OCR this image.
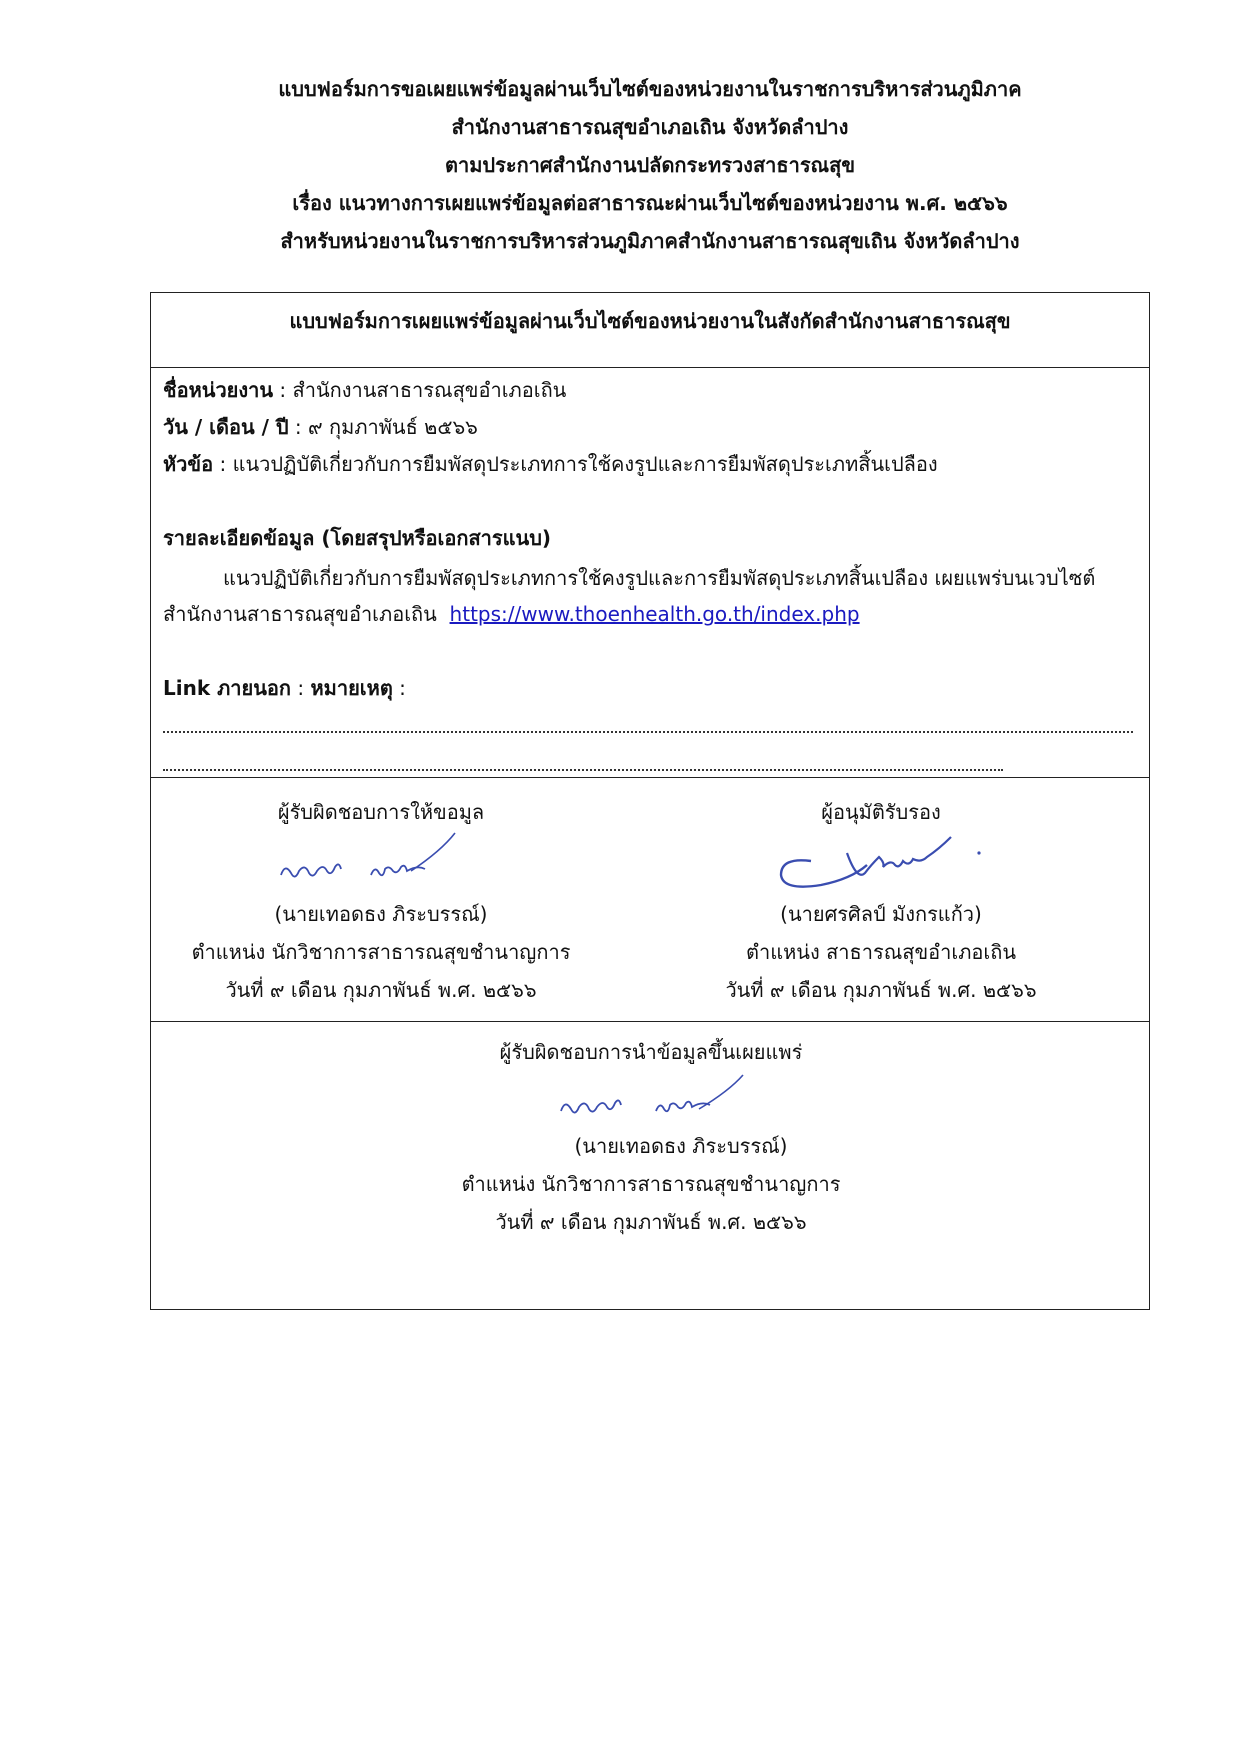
แบบฟอร์มการขอเผยแพร่ข้อมูลผ่านเว็บไซต์ของหน่วยงานในราชการบริหารส่วนภูมิภาค
สำนักงานสาธารณสุขอำเภอเถิน จังหวัดลำปาง
ตามประกาศสำนักงานปลัดกระทรวงสาธารณสุข
เรื่อง แนวทางการเผยแพร่ข้อมูลต่อสาธารณะผ่านเว็บไซต์ของหน่วยงาน พ.ศ. ๒๕๖๖
สำหรับหน่วยงานในราชการบริหารส่วนภูมิภาคสำนักงานสาธารณสุขเถิน จังหวัดลำปาง
แบบฟอร์มการเผยแพร่ข้อมูลผ่านเว็บไซต์ของหน่วยงานในสังกัดสำนักงานสาธารณสุข
ชื่อหน่วยงาน : สำนักงานสาธารณสุขอำเภอเถิน
วัน / เดือน / ปี : ๙ กุมภาพันธ์ ๒๕๖๖
หัวข้อ : แนวปฏิบัติเกี่ยวกับการยืมพัสดุประเภทการใช้คงรูปและการยืมพัสดุประเภทสิ้นเปลือง
รายละเอียดข้อมูล (โดยสรุปหรือเอกสารแนบ)
แนวปฏิบัติเกี่ยวกับการยืมพัสดุประเภทการใช้คงรูปและการยืมพัสดุประเภทสิ้นเปลือง เผยแพร่บนเวบไซต์
สำนักงานสาธารณสุขอำเภอเถิน https://www.thoenhealth.go.th/index.php
Link ภายนอก : หมายเหตุ :
ผู้รับผิดชอบการให้ขอมูล
(นายเทอดธง ภิระบรรณ์)
ตำแหน่ง นักวิชาการสาธารณสุขชำนาญการ
วันที่ ๙ เดือน กุมภาพันธ์ พ.ศ. ๒๕๖๖
ผู้อนุมัติรับรอง
(นายศรศิลป์ มังกรแก้ว)
ตำแหน่ง สาธารณสุขอำเภอเถิน
วันที่ ๙ เดือน กุมภาพันธ์ พ.ศ. ๒๕๖๖
ผู้รับผิดชอบการนำข้อมูลขึ้นเผยแพร่
(นายเทอดธง ภิระบรรณ์)
ตำแหน่ง นักวิชาการสาธารณสุขชำนาญการ
วันที่ ๙ เดือน กุมภาพันธ์ พ.ศ. ๒๕๖๖
